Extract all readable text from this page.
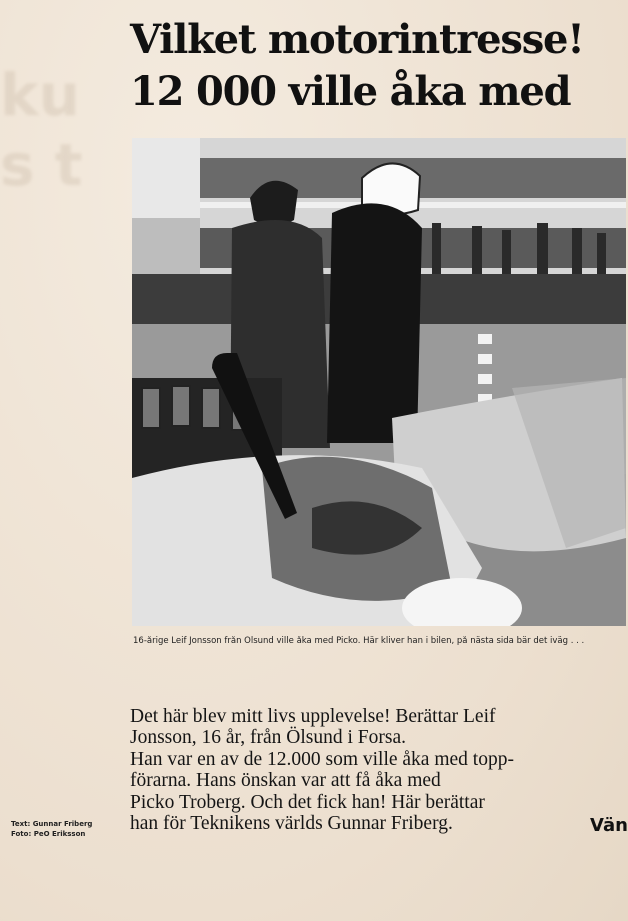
ku
s t
Vilket motorintresse!
12 000 ville åka med
16-årige Leif Jonsson från Ölsund ville åka med Picko. Här kliver han i bilen, på nästa sida bär det iväg . . .
Det här blev mitt livs upplevelse! Berättar Leif
Jonsson, 16 år, från Ölsund i Forsa.
Han var en av de 12.000 som ville åka med topp-
förarna. Hans önskan var att få åka med
Picko Troberg. Och det fick han! Här berättar
han för Teknikens världs Gunnar Friberg.
Text: Gunnar Friberg
Foto: PeO Eriksson	Vän
